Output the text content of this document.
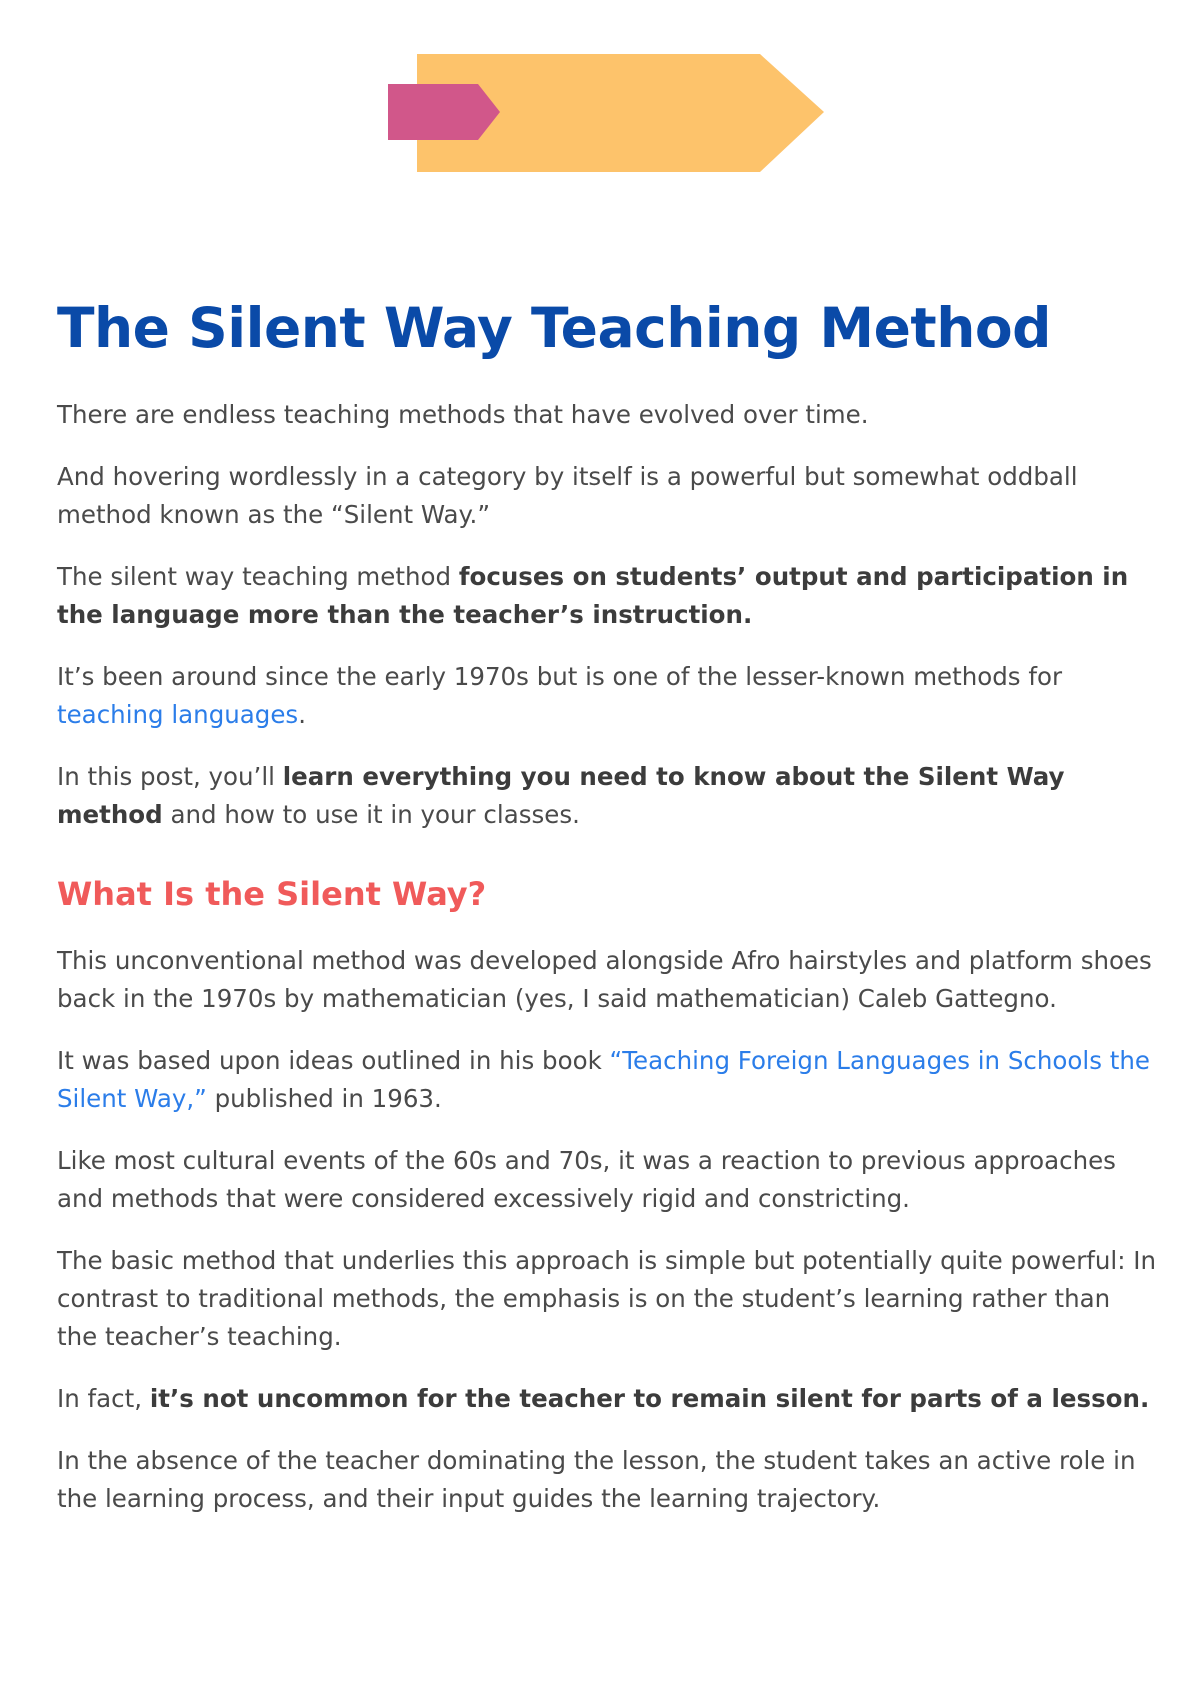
The Silent Way Teaching Method

There are endless teaching methods that have evolved over time.

And hovering wordlessly in a category by itself is a powerful but somewhat oddball method known as the “Silent Way.”

The silent way teaching method focuses on students’ output and participation in the language more than the teacher’s instruction.

It’s been around since the early 1970s but is one of the lesser-known methods for teaching languages.

In this post, you’ll learn everything you need to know about the Silent Way method and how to use it in your classes.

What Is the Silent Way?

This unconventional method was developed alongside Afro hairstyles and platform shoes back in the 1970s by mathematician (yes, I said mathematician) Caleb Gattegno.

It was based upon ideas outlined in his book “Teaching Foreign Languages in Schools the Silent Way,” published in 1963.

Like most cultural events of the 60s and 70s, it was a reaction to previous approaches and methods that were considered excessively rigid and constricting.

The basic method that underlies this approach is simple but potentially quite powerful: In contrast to traditional methods, the emphasis is on the student’s learning rather than the teacher’s teaching.

In fact, it’s not uncommon for the teacher to remain silent for parts of a lesson.

In the absence of the teacher dominating the lesson, the student takes an active role in the learning process, and their input guides the learning trajectory.
